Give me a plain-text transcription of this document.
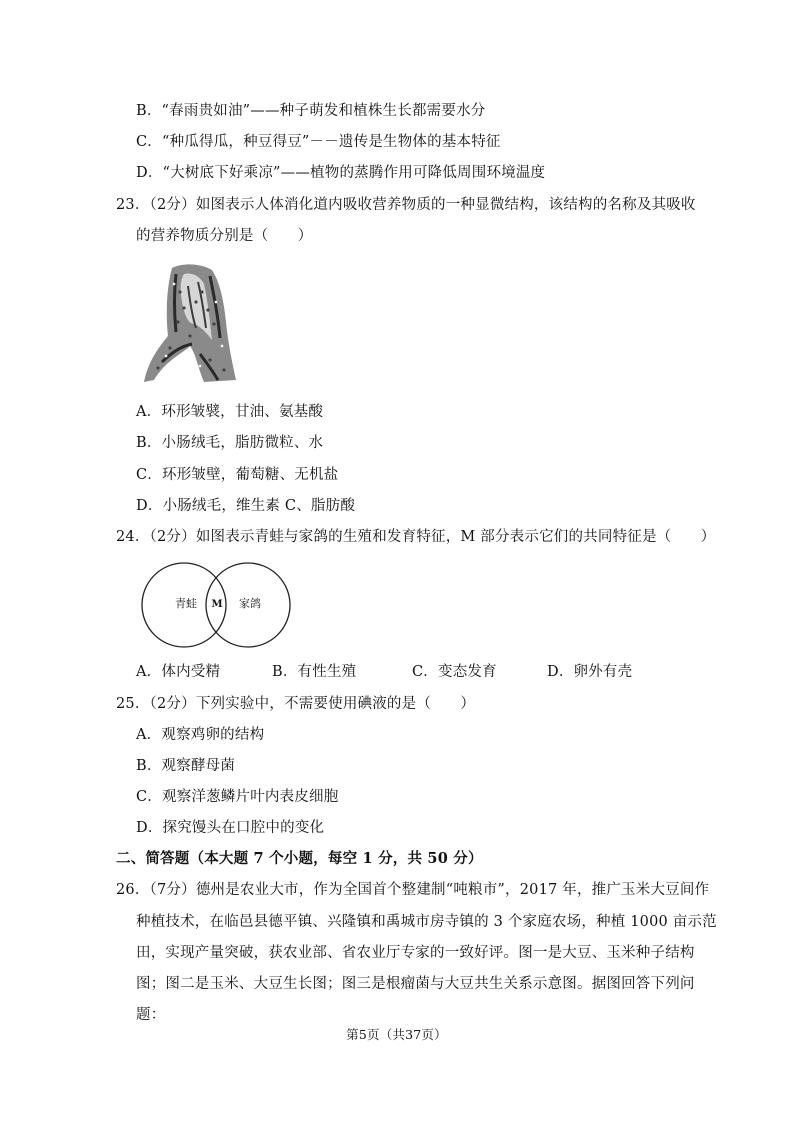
B．“春雨贵如油”——种子萌发和植株生长都需要水分
C．“种瓜得瓜，种豆得豆”－－遗传是生物体的基本特征
D．“大树底下好乘凉”——植物的蒸腾作用可降低周围环境温度
23．（2分）如图表示人体消化道内吸收营养物质的一种显微结构，该结构的名称及其吸收
的营养物质分别是（　　）
A．环形皱襞，甘油、氨基酸
B．小肠绒毛，脂肪微粒、水
C．环形皱壁，葡萄糖、无机盐
D．小肠绒毛，维生素 C、脂肪酸
24．（2分）如图表示青蛙与家鸽的生殖和发育特征，M 部分表示它们的共同特征是（　　）
青蛙 M 家鸽
A．体内受精	B．有性生殖	C．变态发育	D．卵外有壳
25．（2分）下列实验中，不需要使用碘液的是（　　）
A．观察鸡卵的结构
B．观察酵母菌
C．观察洋葱鳞片叶内表皮细胞
D．探究馒头在口腔中的变化
二、简答题（本大题 7 个小题，每空 1 分，共 50 分）
26．（7分）德州是农业大市，作为全国首个整建制“吨粮市”，2017 年，推广玉米大豆间作
种植技术，在临邑县德平镇、兴隆镇和禹城市房寺镇的 3 个家庭农场，种植 1000 亩示范
田，实现产量突破，获农业部、省农业厅专家的一致好评。图一是大豆、玉米种子结构
图；图二是玉米、大豆生长图；图三是根瘤菌与大豆共生关系示意图。据图回答下列问
题：
第5页（共37页）
